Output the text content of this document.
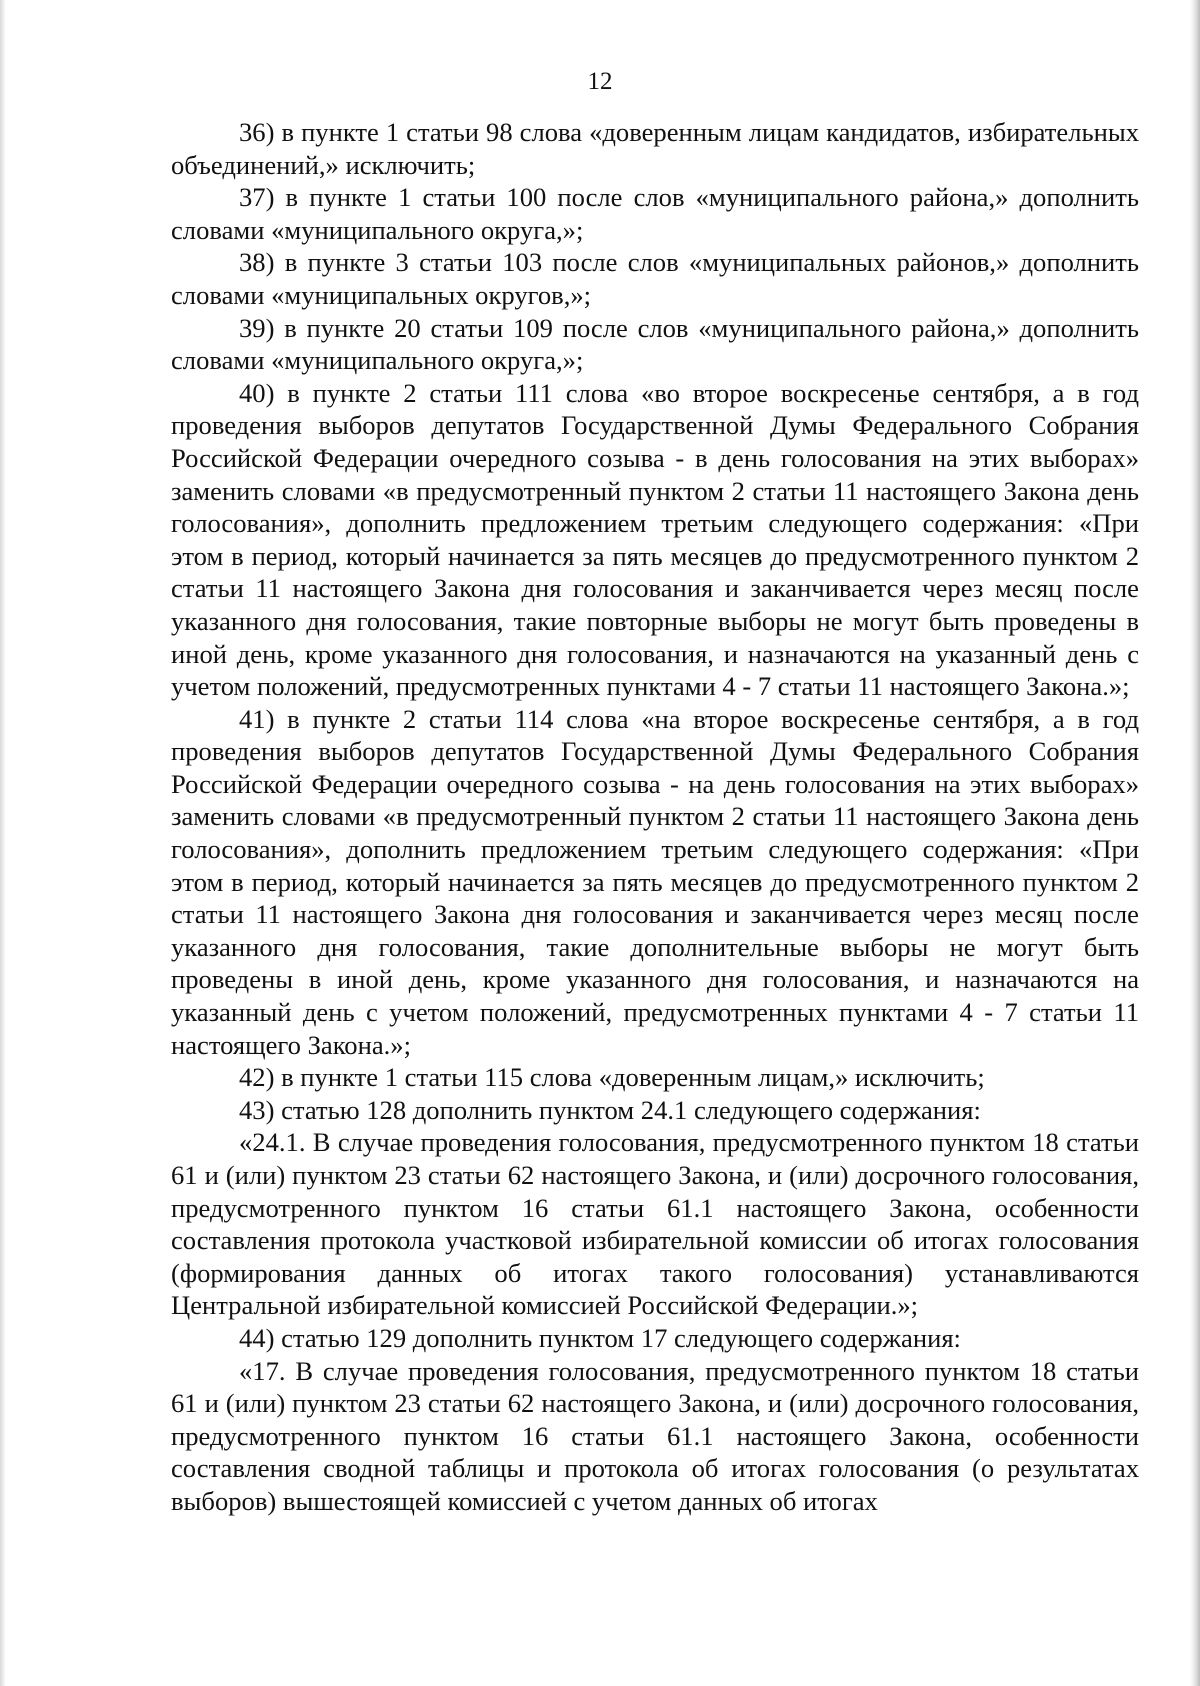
12

36) в пункте 1 статьи 98 слова «доверенным лицам кандидатов, избирательных объединений,» исключить;

37) в пункте 1 статьи 100 после слов «муниципального района,» дополнить словами «муниципального округа,»;

38) в пункте 3 статьи 103 после слов «муниципальных районов,» дополнить словами «муниципальных округов,»;

39) в пункте 20 статьи 109 после слов «муниципального района,» дополнить словами «муниципального округа,»;

40) в пункте 2 статьи 111 слова «во второе воскресенье сентября, а в год проведения выборов депутатов Государственной Думы Федерального Собрания Российской Федерации очередного созыва - в день голосования на этих выборах» заменить словами «в предусмотренный пунктом 2 статьи 11 настоящего Закона день голосования», дополнить предложением третьим следующего содержания: «При этом в период, который начинается за пять месяцев до предусмотренного пунктом 2 статьи 11 настоящего Закона дня голосования и заканчивается через месяц после указанного дня голосования, такие повторные выборы не могут быть проведены в иной день, кроме указанного дня голосования, и назначаются на указанный день с учетом положений, предусмотренных пунктами 4 - 7 статьи 11 настоящего Закона.»;

41) в пункте 2 статьи 114 слова «на второе воскресенье сентября, а в год проведения выборов депутатов Государственной Думы Федерального Собрания Российской Федерации очередного созыва - на день голосования на этих выборах» заменить словами «в предусмотренный пунктом 2 статьи 11 настоящего Закона день голосования», дополнить предложением третьим следующего содержания: «При этом в период, который начинается за пять месяцев до предусмотренного пунктом 2 статьи 11 настоящего Закона дня голосования и заканчивается через месяц после указанного дня голосования, такие дополнительные выборы не могут быть проведены в иной день, кроме указанного дня голосования, и назначаются на указанный день с учетом положений, предусмотренных пунктами 4 - 7 статьи 11 настоящего Закона.»;

42) в пункте 1 статьи 115 слова «доверенным лицам,» исключить;

43) статью 128 дополнить пунктом 24.1 следующего содержания:

«24.1. В случае проведения голосования, предусмотренного пунктом 18 статьи 61 и (или) пунктом 23 статьи 62 настоящего Закона, и (или) досрочного голосования, предусмотренного пунктом 16 статьи 61.1 настоящего Закона, особенности составления протокола участковой избирательной комиссии об итогах голосования (формирования данных об итогах такого голосования) устанавливаются Центральной избирательной комиссией Российской Федерации.»;

44) статью 129 дополнить пунктом 17 следующего содержания:

«17. В случае проведения голосования, предусмотренного пунктом 18 статьи 61 и (или) пунктом 23 статьи 62 настоящего Закона, и (или) досрочного голосования, предусмотренного пунктом 16 статьи 61.1 настоящего Закона, особенности составления сводной таблицы и протокола об итогах голосования (о результатах выборов) вышестоящей комиссией с учетом данных об итогах
